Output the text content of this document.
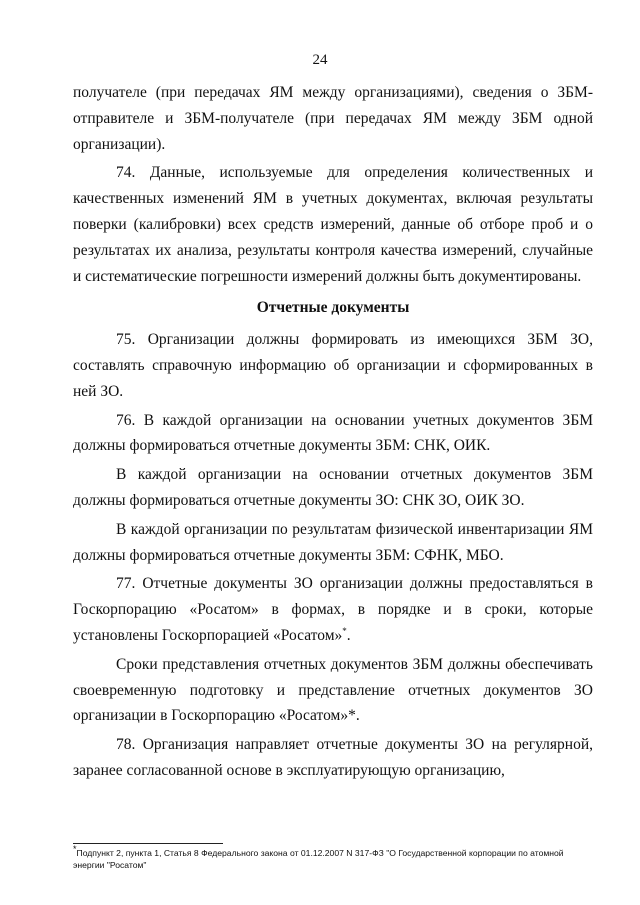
24

получателе (при передачах ЯМ между организациями), сведения о ЗБМ-отправителе и ЗБМ-получателе (при передачах ЯМ между ЗБМ одной организации).

74. Данные, используемые для определения количественных и качественных изменений ЯМ в учетных документах, включая результаты поверки (калибровки) всех средств измерений, данные об отборе проб и о результатах их анализа, результаты контроля качества измерений, случайные и систематические погрешности измерений должны быть документированы.

Отчетные документы

75. Организации должны формировать из имеющихся ЗБМ ЗО, составлять справочную информацию об организации и сформированных в ней ЗО.

76. В каждой организации на основании учетных документов ЗБМ должны формироваться отчетные документы ЗБМ: СНК, ОИК.

В каждой организации на основании отчетных документов ЗБМ должны формироваться отчетные документы ЗО: СНК ЗО, ОИК ЗО.

В каждой организации по результатам физической инвентаризации ЯМ должны формироваться отчетные документы ЗБМ: СФНК, МБО.

77. Отчетные документы ЗО организации должны предоставляться в Госкорпорацию «Росатом» в формах, в порядке и в сроки, которые установлены Госкорпорацией «Росатом»*.

Сроки представления отчетных документов ЗБМ должны обеспечивать своевременную подготовку и представление отчетных документов ЗО организации в Госкорпорацию «Росатом»*.

78. Организация направляет отчетные документы ЗО на регулярной, заранее согласованной основе в эксплуатирующую организацию,

*Подпункт 2, пункта 1, Статья 8 Федерального закона от 01.12.2007 N 317-ФЗ "О Государственной корпорации по атомной энергии "Росатом"
